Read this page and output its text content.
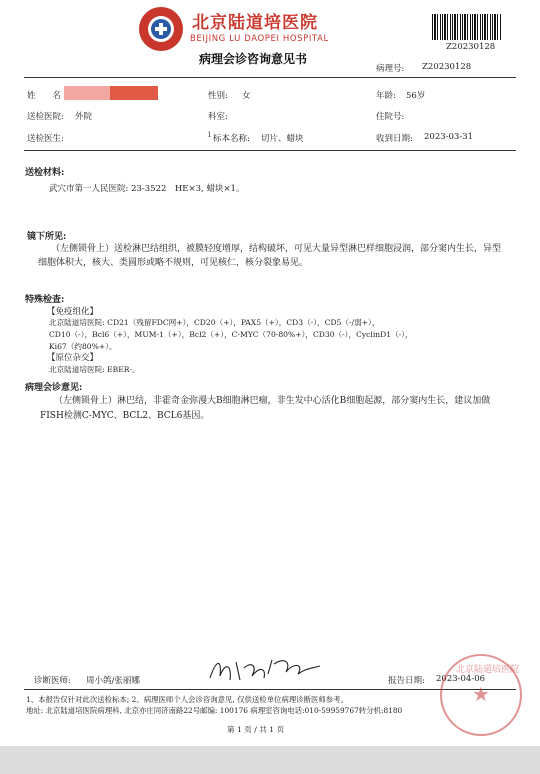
北京陆道培医院
BEIJING LU DAOPEI HOSPITAL
病理会诊咨询意见书
Z20230128
病理号: Z20230128
姓　　名	性别: 女	年龄: 56岁
送检医院: 外院	科室:	住院号:
送检医生:	ⅰ 标本名称: 切片、蜡块	收到日期: 2023-03-31
送检材料:
武穴市第一人民医院: 23-3522　HE×3, 蜡块×1。
镜下所见:
（左侧锁骨上）送检淋巴结组织，被膜轻度增厚，结构破坏，可见大量异型淋巴样细胞浸润，部分窦内生长，异型细胞体积大，核大、类圆形或略不规则，可见核仁，核分裂象易见。
特殊检查:
【免疫组化】
北京陆道培医院: CD21（残留FDC网+），CD20（+），PAX5（+），CD3（-），CD5（-/弱+），
CD10（-），Bcl6（+），MUM-1（+），Bcl2（+），C-MYC（70-80%+），CD30（-），CyclinD1（-），
Ki67（约80%+）。
【原位杂交】
北京陆道培医院: EBER-。
病理会诊意见:
（左侧锁骨上）淋巴结，非霍奇金弥漫大B细胞淋巴瘤，非生发中心活化B细胞起源，部分窦内生长，建议加做FISH检测C-MYC、BCL2、BCL6基因。
诊断医师: 周小鸽/张丽娜	报告日期: 2023-04-06
1、本报告仅针对此次送检标本; 2、病理医师个人会诊咨询意见, 仅供送检单位病理诊断医师参考。
地址: 北京陆道培医院病理科, 北京亦庄同济南路22号邮编: 100176 病理室咨询电话:010-59959767转分机:8180
北京陆道培医院
★
第 1 页 / 共 1 页
